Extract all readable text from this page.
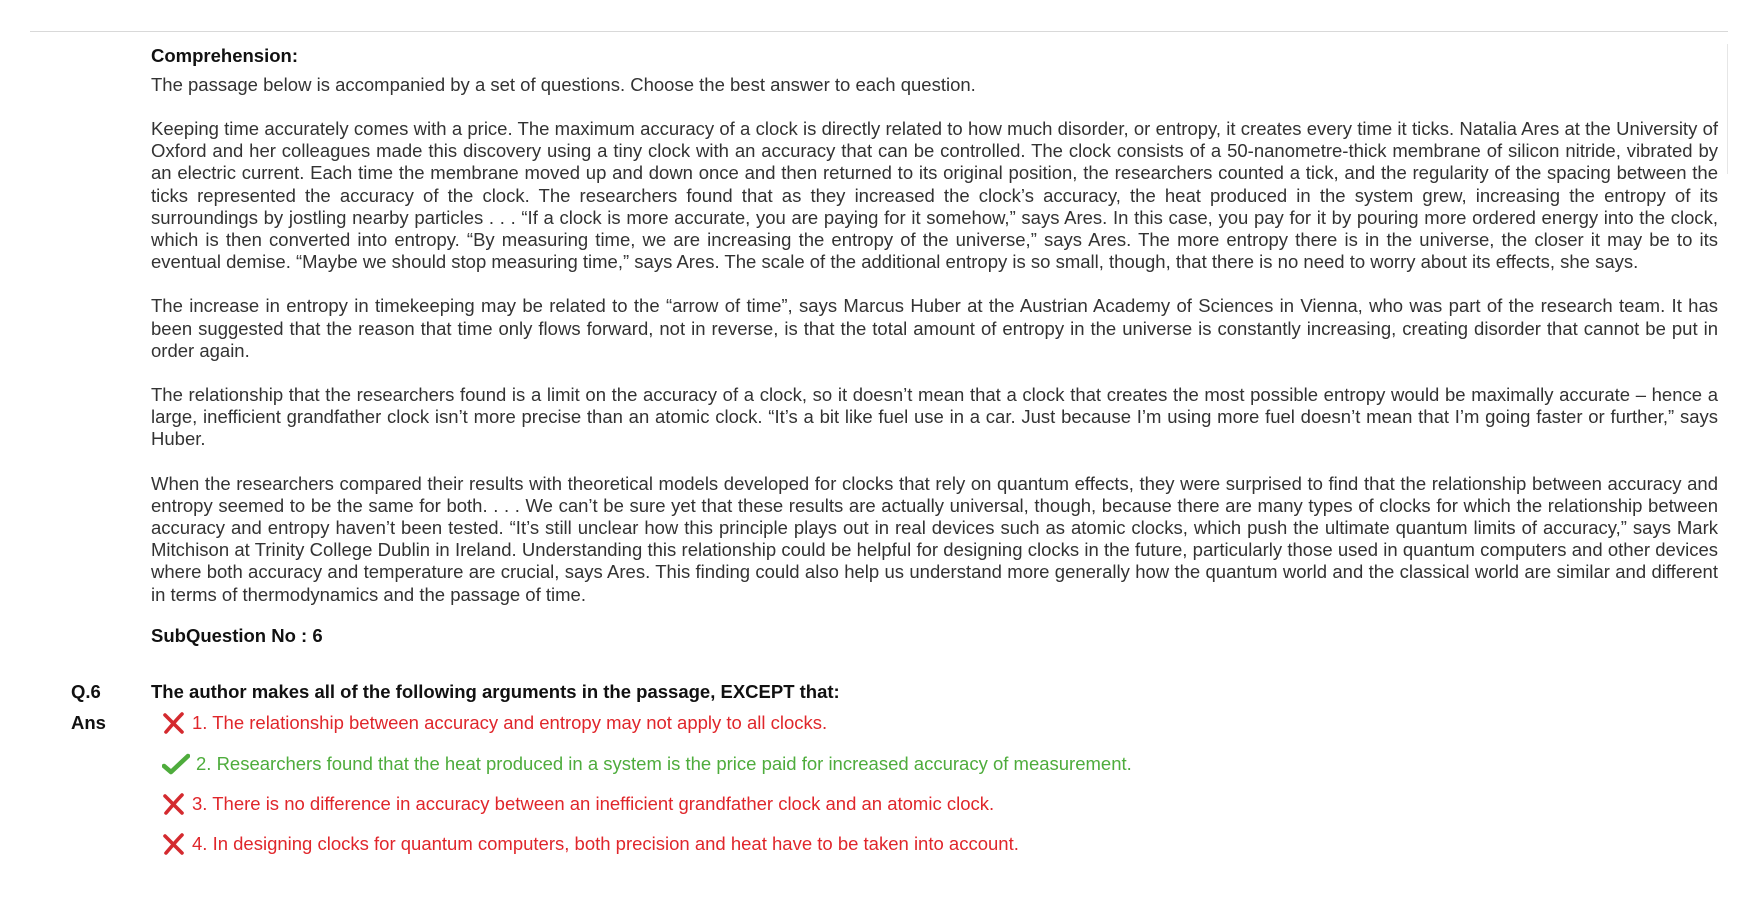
Comprehension:
The passage below is accompanied by a set of questions. Choose the best answer to each question.
Keeping time accurately comes with a price. The maximum accuracy of a clock is directly related to how much disorder, or entropy, it creates every time it ticks. Natalia Ares at the University of Oxford and her colleagues made this discovery using a tiny clock with an accuracy that can be controlled. The clock consists of a 50-nanometre-thick membrane of silicon nitride, vibrated by an electric current. Each time the membrane moved up and down once and then returned to its original position, the researchers counted a tick, and the regularity of the spacing between the ticks represented the accuracy of the clock. The researchers found that as they increased the clock’s accuracy, the heat produced in the system grew, increasing the entropy of its surroundings by jostling nearby particles . . . “If a clock is more accurate, you are paying for it somehow,” says Ares. In this case, you pay for it by pouring more ordered energy into the clock, which is then converted into entropy. “By measuring time, we are increasing the entropy of the universe,” says Ares. The more entropy there is in the universe, the closer it may be to its eventual demise. “Maybe we should stop measuring time,” says Ares. The scale of the additional entropy is so small, though, that there is no need to worry about its effects, she says.
The increase in entropy in timekeeping may be related to the “arrow of time”, says Marcus Huber at the Austrian Academy of Sciences in Vienna, who was part of the research team. It has been suggested that the reason that time only flows forward, not in reverse, is that the total amount of entropy in the universe is constantly increasing, creating disorder that cannot be put in order again.
The relationship that the researchers found is a limit on the accuracy of a clock, so it doesn’t mean that a clock that creates the most possible entropy would be maximally accurate – hence a large, inefficient grandfather clock isn’t more precise than an atomic clock. “It’s a bit like fuel use in a car. Just because I’m using more fuel doesn’t mean that I’m going faster or further,” says Huber.
When the researchers compared their results with theoretical models developed for clocks that rely on quantum effects, they were surprised to find that the relationship between accuracy and entropy seemed to be the same for both. . . . We can’t be sure yet that these results are actually universal, though, because there are many types of clocks for which the relationship between accuracy and entropy haven’t been tested. “It’s still unclear how this principle plays out in real devices such as atomic clocks, which push the ultimate quantum limits of accuracy,” says Mark Mitchison at Trinity College Dublin in Ireland. Understanding this relationship could be helpful for designing clocks in the future, particularly those used in quantum computers and other devices where both accuracy and temperature are crucial, says Ares. This finding could also help us understand more generally how the quantum world and the classical world are similar and different in terms of thermodynamics and the passage of time.
SubQuestion No : 6
Q.6	The author makes all of the following arguments in the passage, EXCEPT that:
Ans	1. The relationship between accuracy and entropy may not apply to all clocks.
2. Researchers found that the heat produced in a system is the price paid for increased accuracy of measurement.
3. There is no difference in accuracy between an inefficient grandfather clock and an atomic clock.
4. In designing clocks for quantum computers, both precision and heat have to be taken into account.
